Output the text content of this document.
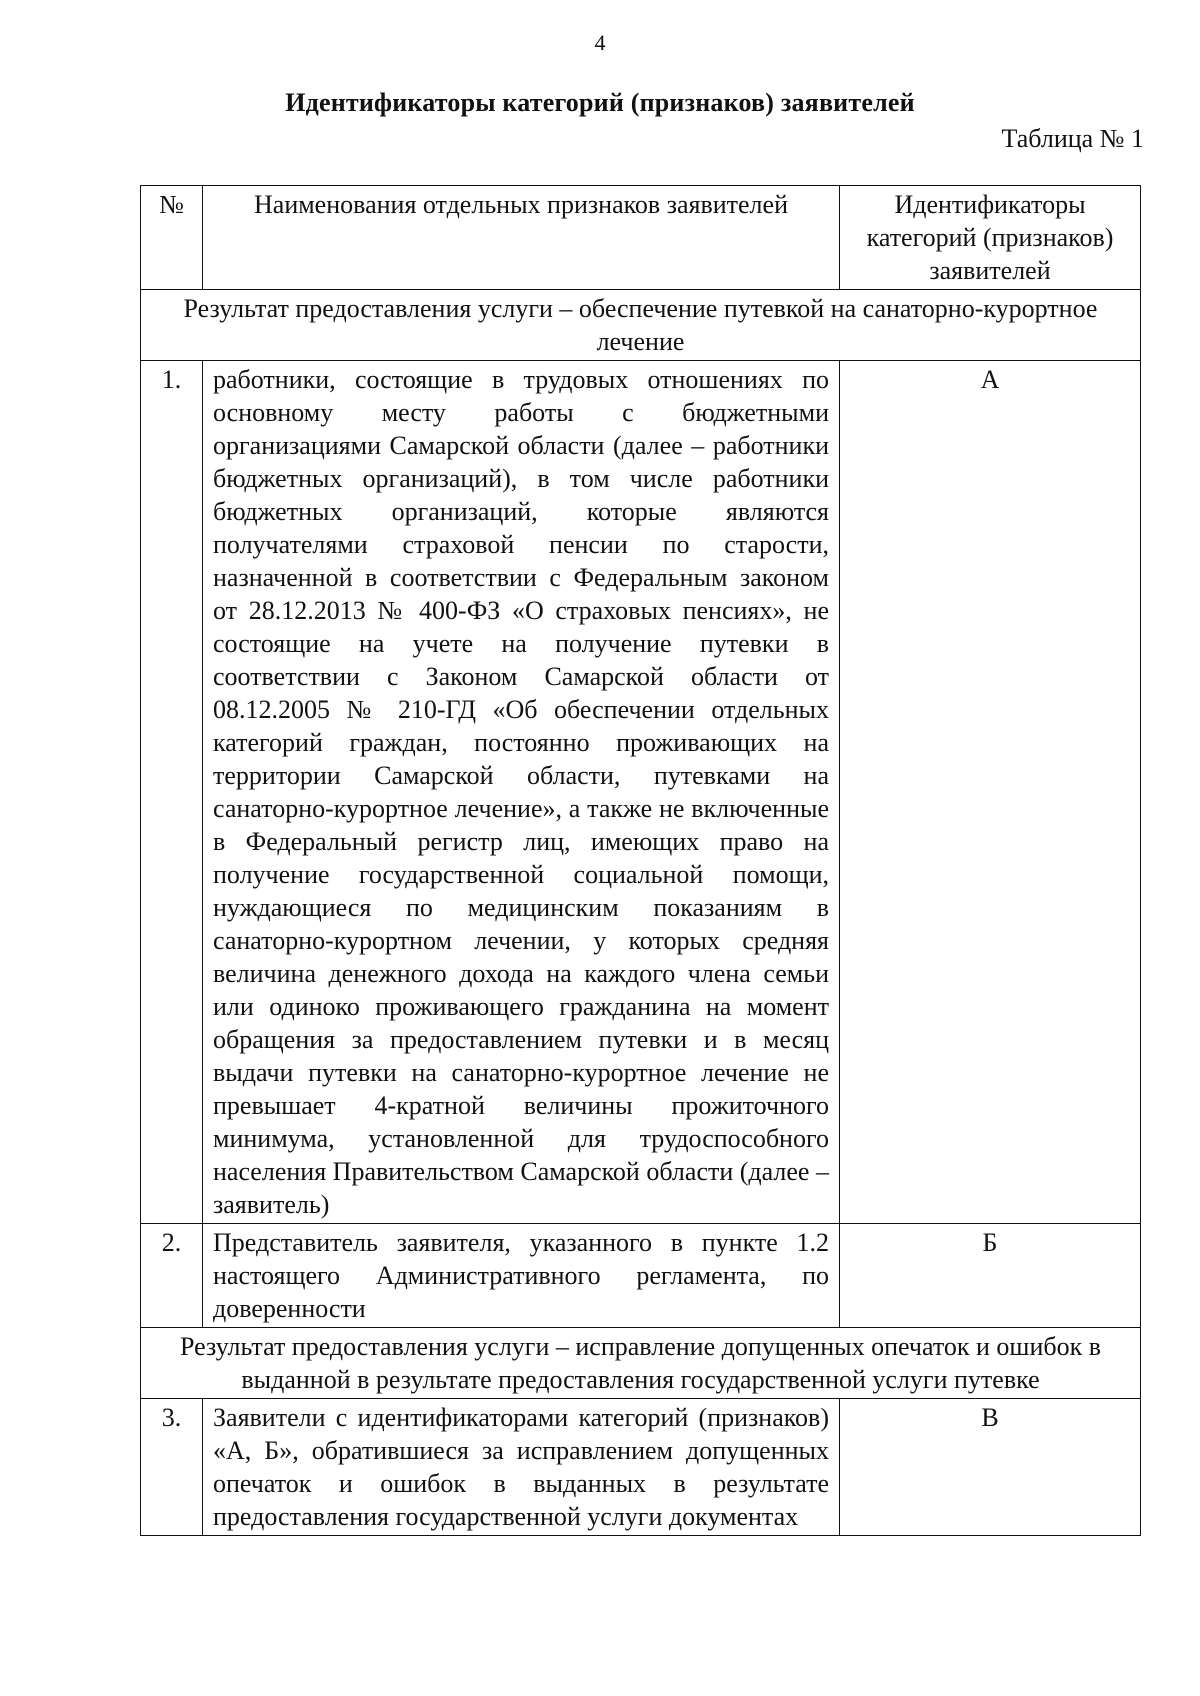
4
Идентификаторы категорий (признаков) заявителей
Таблица № 1
№	Наименования отдельных признаков заявителей	Идентификаторы категорий (признаков) заявителей
Результат предоставления услуги – обеспечение путевкой на санаторно-курортное лечение		
1.	работники, состоящие в трудовых отношениях по основному месту работы с бюджетными организациями Самарской области (далее – работники бюджетных организаций), в том числе работники бюджетных организаций, которые являются получателями страховой пенсии по старости, назначенной в соответствии с Федеральным законом от 28.12.2013 № 400-ФЗ «О страховых пенсиях», не состоящие на учете на получение путевки в соответствии с Законом Самарской области от 08.12.2005 № 210-ГД «Об обеспечении отдельных категорий граждан, постоянно проживающих на территории Самарской области, путевками на санаторно-курортное лечение», а также не включенные в Федеральный регистр лиц, имеющих право на получение государственной социальной помощи, нуждающиеся по медицинским показаниям в санаторно-курортном лечении, у которых средняя величина денежного дохода на каждого члена семьи или одиноко проживающего гражданина на момент обращения за предоставлением путевки и в месяц выдачи путевки на санаторно-курортное лечение не превышает 4-кратной величины прожиточного минимума, установленной для трудоспособного населения Правительством Самарской области (далее – заявитель)	А
2.	Представитель заявителя, указанного в пункте 1.2 настоящего Административного регламента, по доверенности	Б
Результат предоставления услуги – исправление допущенных опечаток и ошибок в выданной в результате предоставления государственной услуги путевке		
3.	Заявители с идентификаторами категорий (признаков) «А, Б», обратившиеся за исправлением допущенных опечаток и ошибок в выданных в результате предоставления государственной услуги документах	В
